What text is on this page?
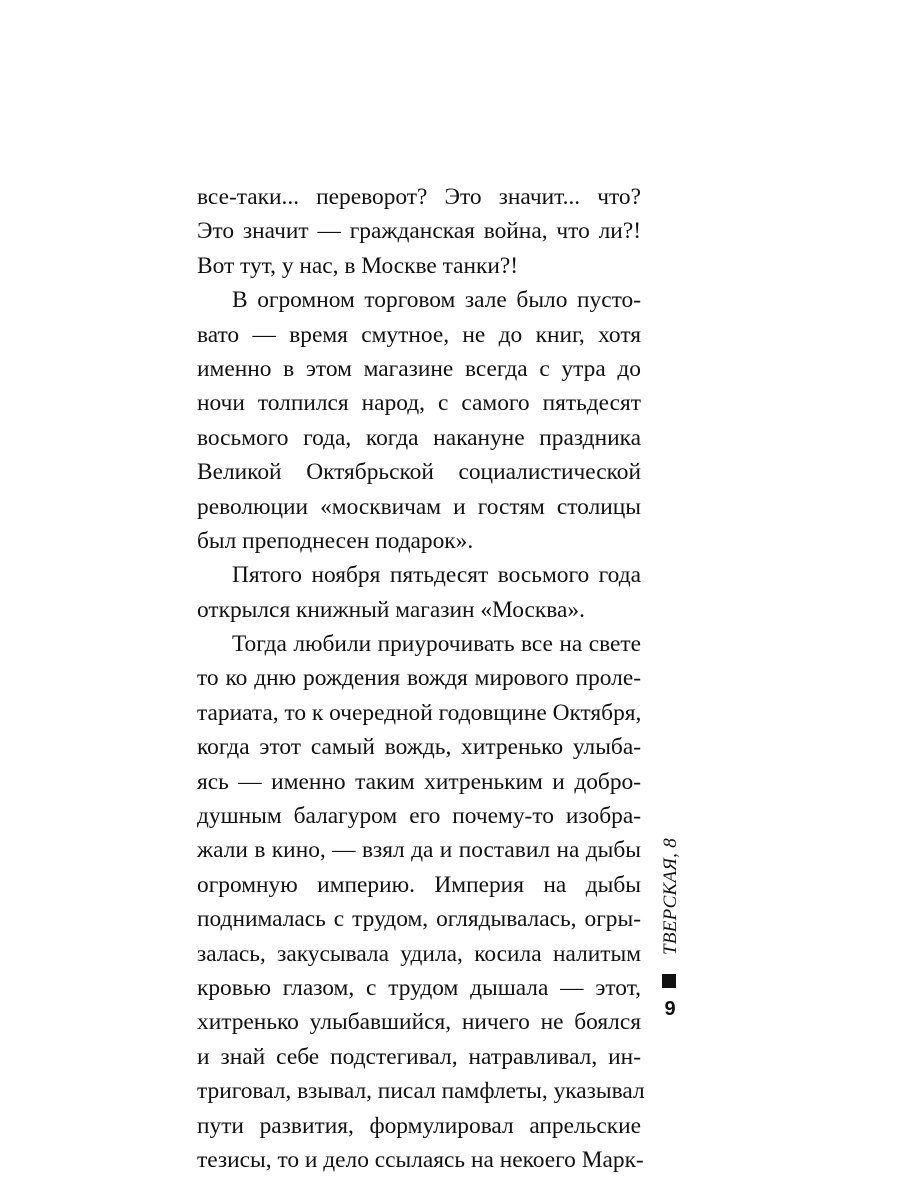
все-таки... переворот? Это значит... что?
Это значит — гражданская война, что ли?!
Вот тут, у нас, в Москве танки?!
В огромном торговом зале было пусто-
вато — время смутное, не до книг, хотя
именно в этом магазине всегда с утра до
ночи толпился народ, с самого пятьдесят
восьмого года, когда накануне праздника
Великой Октябрьской социалистической
революции «москвичам и гостям столицы
был преподнесен подарок».
Пятого ноября пятьдесят восьмого года
открылся книжный магазин «Москва».
Тогда любили приурочивать все на свете
то ко дню рождения вождя мирового проле-
тариата, то к очередной годовщине Октября,
когда этот самый вождь, хитренько улыба-
ясь — именно таким хитреньким и добро-
душным балагуром его почему-то изобра-
жали в кино, — взял да и поставил на дыбы
огромную империю. Империя на дыбы
поднималась с трудом, оглядывалась, огры-
залась, закусывала удила, косила налитым
кровью глазом, с трудом дышала — этот,
хитренько улыбавшийся, ничего не боялся
и знай себе подстегивал, натравливал, ин-
триговал, взывал, писал памфлеты, указывал
пути развития, формулировал апрельские
тезисы, то и дело ссылаясь на некоего Марк-
ТВЕРСКАЯ, 8
9
